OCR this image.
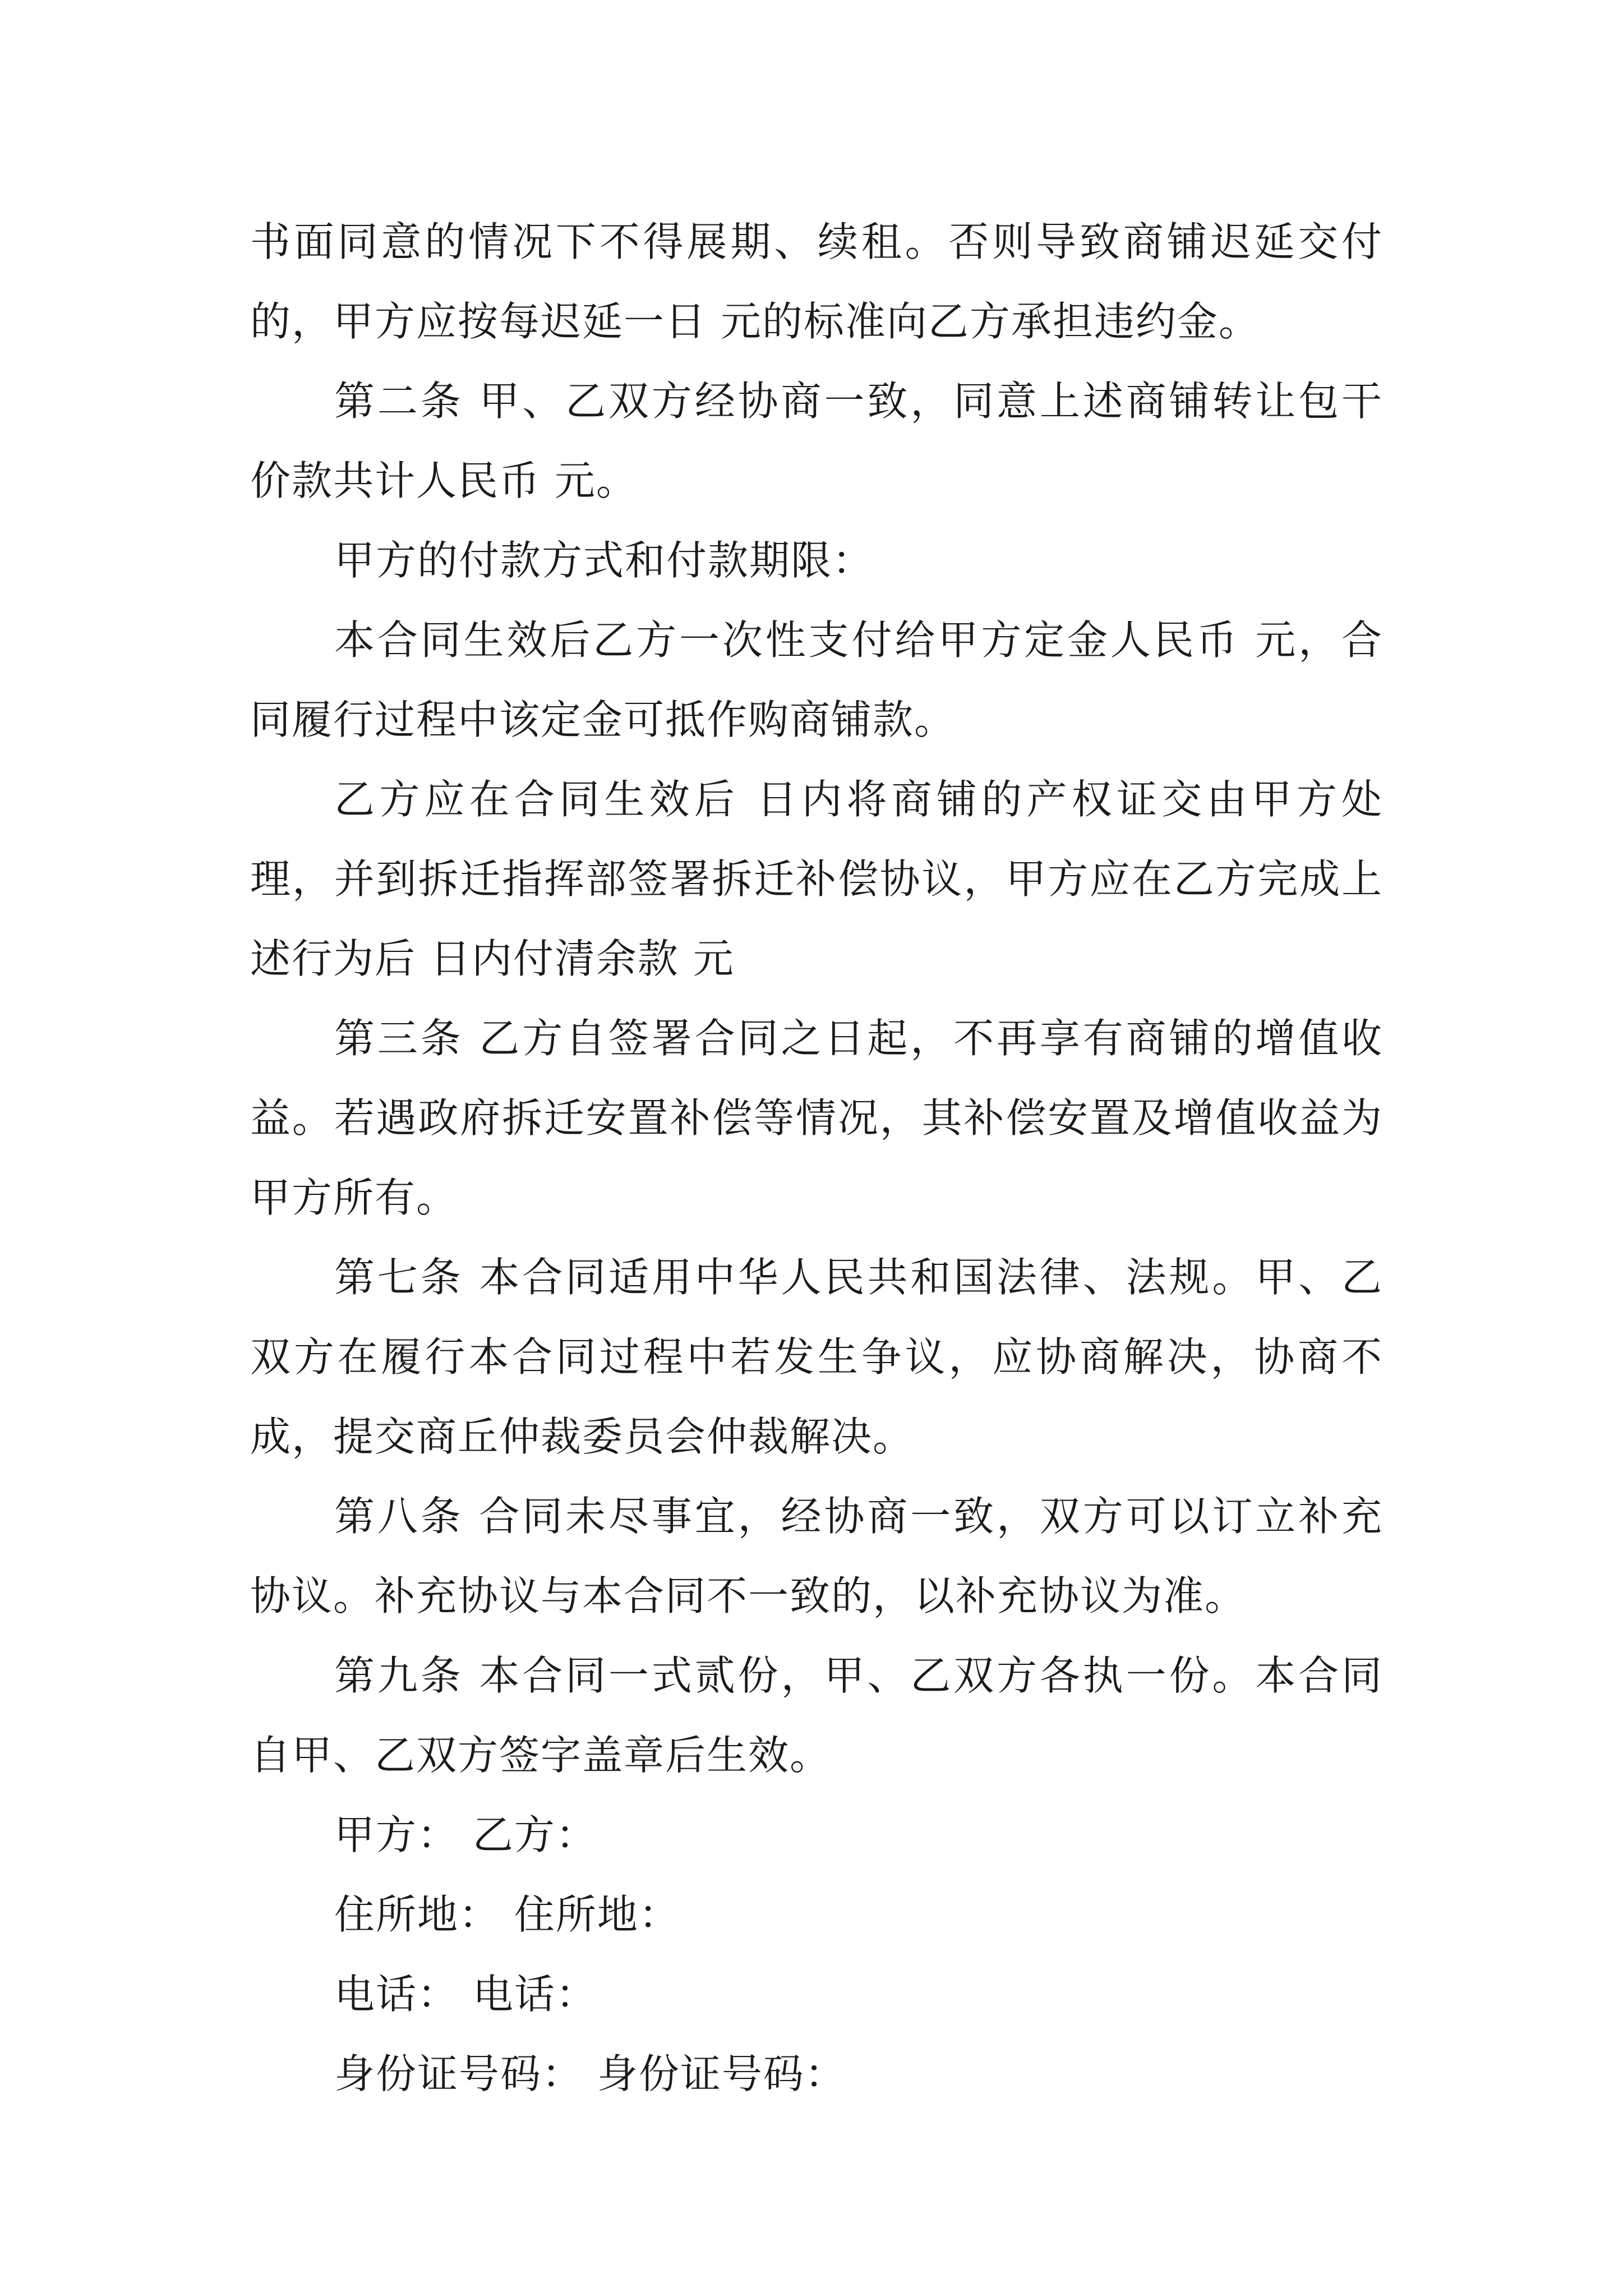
书面同意的情况下不得展期、续租。否则导致商铺迟延交付的，甲方应按每迟延一日 元的标准向乙方承担违约金。

第二条 甲、乙双方经协商一致，同意上述商铺转让包干价款共计人民币 元。

甲方的付款方式和付款期限：

本合同生效后乙方一次性支付给甲方定金人民币 元，合同履行过程中该定金可抵作购商铺款。

乙方应在合同生效后 日内将商铺的产权证交由甲方处理，并到拆迁指挥部签署拆迁补偿协议，甲方应在乙方完成上述行为后 日内付清余款 元

第三条 乙方自签署合同之日起，不再享有商铺的增值收益。若遇政府拆迁安置补偿等情况，其补偿安置及增值收益为甲方所有。

第七条 本合同适用中华人民共和国法律、法规。甲、乙双方在履行本合同过程中若发生争议，应协商解决，协商不成，提交商丘仲裁委员会仲裁解决。

第八条 合同未尽事宜，经协商一致，双方可以订立补充协议。补充协议与本合同不一致的，以补充协议为准。

第九条 本合同一式贰份，甲、乙双方各执一份。本合同自甲、乙双方签字盖章后生效。

甲方： 乙方：

住所地： 住所地：

电话： 电话：

身份证号码： 身份证号码：
